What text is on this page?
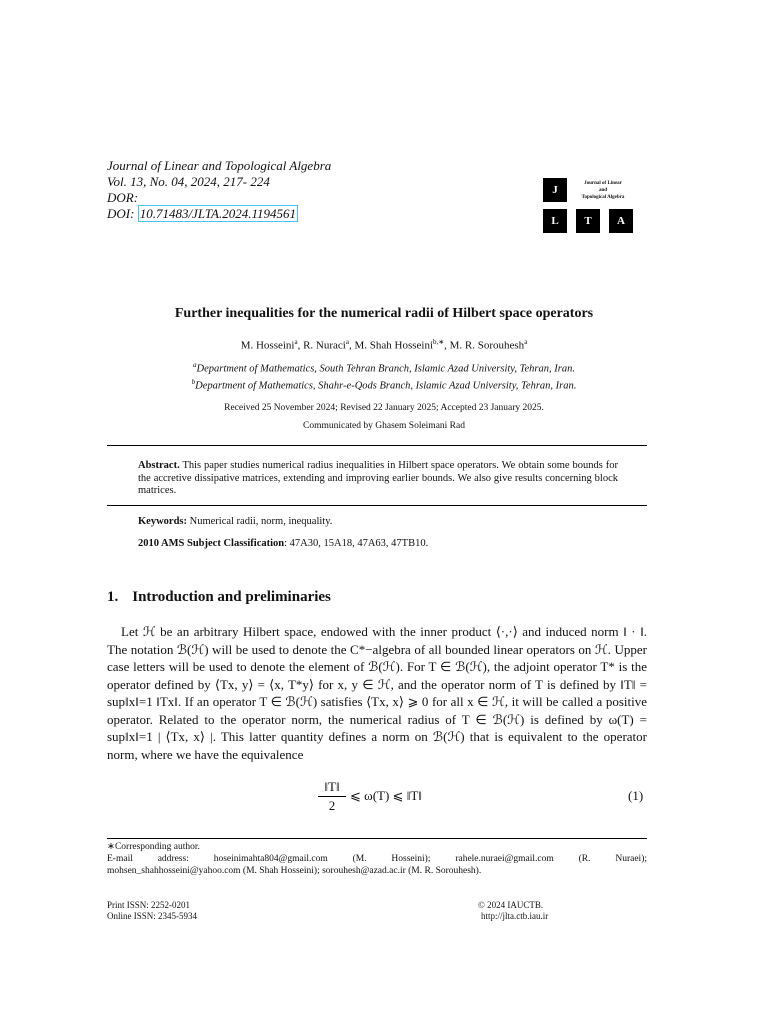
Journal of Linear and Topological Algebra
Vol. 13, No. 04, 2024, 217- 224
DOR:
DOI: 10.71483/JLTA.2024.1194561
J
Journal of Linear
and
Topological Algebra
L	T	A
Further inequalities for the numerical radii of Hilbert space operators
M. Hosseini$^a$, R. Nuraci$^a$, M. Shah Hosseini$^{b,∗}$, M. R. Sorouhesh$^a$
$^a$Department of Mathematics, South Tehran Branch, Islamic Azad University, Tehran, Iran.
$^b$Department of Mathematics, Shahr-e-Qods Branch, Islamic Azad University, Tehran, Iran.
Received 25 November 2024; Revised 22 January 2025; Accepted 23 January 2025.
Communicated by Ghasem Soleimani Rad
Abstract. This paper studies numerical radius inequalities in Hilbert space operators. We obtain some bounds for the accretive dissipative matrices, extending and improving earlier bounds. We also give results concerning block matrices.
Keywords: Numerical radii, norm, inequality.
2010 AMS Subject Classification: 47A30, 15A18, 47A63, 47TB10.
1. Introduction and preliminaries
Let ℋ be an arbitrary Hilbert space, endowed with the inner product ⟨·,·⟩ and induced norm ‖ · ‖. The notation ℬ(ℋ) will be used to denote the C*−algebra of all bounded linear operators on ℋ. Upper case letters will be used to denote the element of ℬ(ℋ). For T ∈ ℬ(ℋ), the adjoint operator T* is the operator defined by ⟨Tx, y⟩ = ⟨x, T*y⟩ for x, y ∈ ℋ, and the operator norm of T is defined by ‖T‖ = sup‖x‖=1 ‖Tx‖. If an operator T ∈ ℬ(ℋ) satisfies ⟨Tx, x⟩ ⩾ 0 for all x ∈ ℋ, it will be called a positive operator. Related to the operator norm, the numerical radius of T ∈ ℬ(ℋ) is defined by ω(T) = sup‖x‖=1 | ⟨Tx, x⟩ |. This latter quantity defines a norm on ℬ(ℋ) that is equivalent to the operator norm, where we have the equivalence
$\frac{‖T‖}{2}$ ⩽ ω(T) ⩽ ‖T‖	(1)
∗Corresponding author.
E-mail address: hoseinimahta804@gmail.com (M. Hosseini); rahele.nuraei@gmail.com (R. Nuraei);
mohsen_shahhosseini@yahoo.com (M. Shah Hosseini); sorouhesh@azad.ac.ir (M. R. Sorouhesh).
Print ISSN: 2252-0201
Online ISSN: 2345-5934
© 2024 IAUCTB.
http://jlta.ctb.iau.ir
